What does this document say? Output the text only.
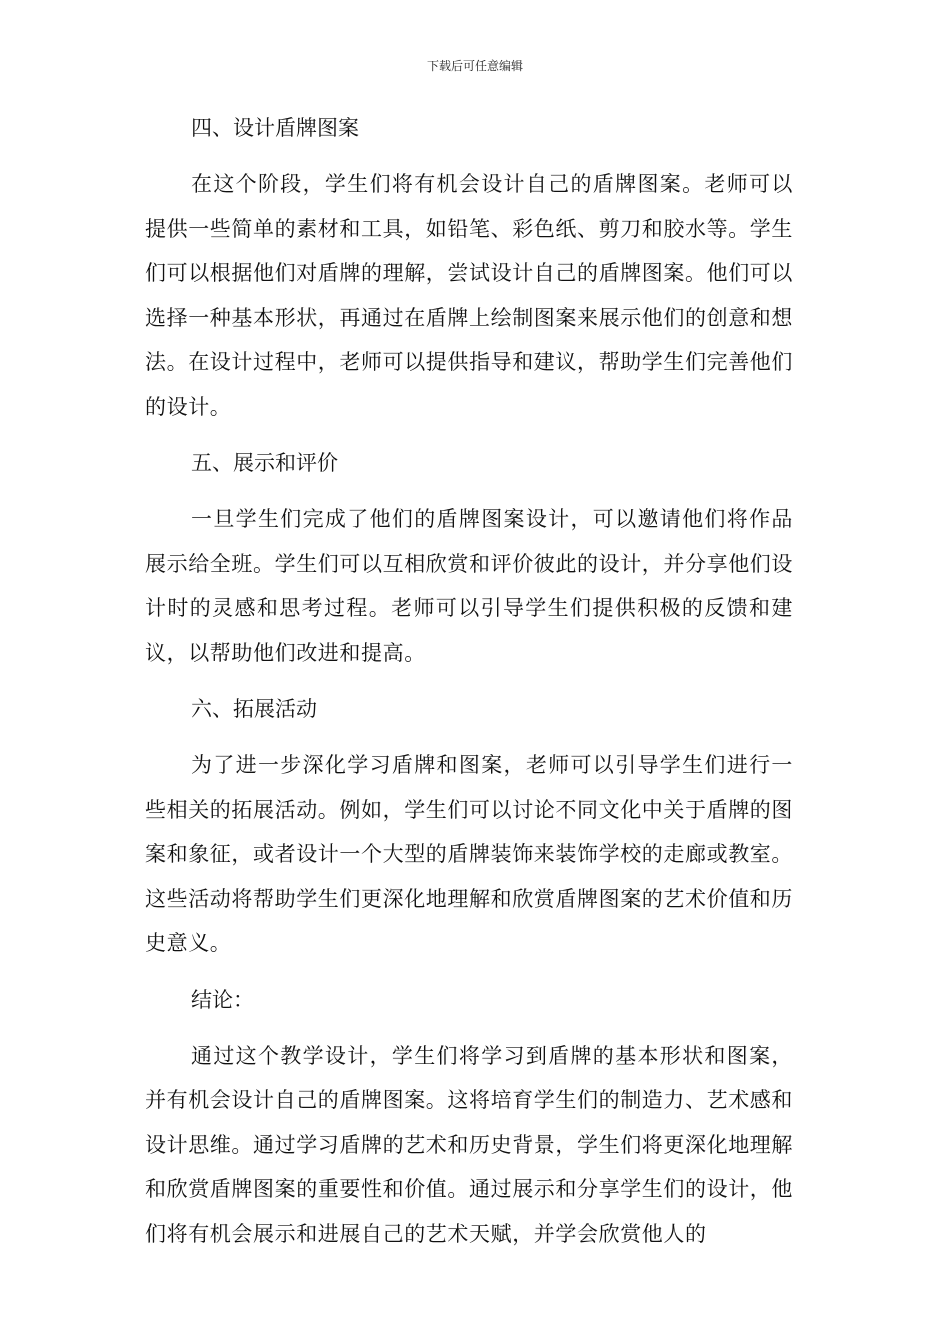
下载后可任意编辑
四、设计盾牌图案

在这个阶段，学生们将有机会设计自己的盾牌图案。老师可以提供一些简单的素材和工具，如铅笔、彩色纸、剪刀和胶水等。学生们可以根据他们对盾牌的理解，尝试设计自己的盾牌图案。他们可以选择一种基本形状，再通过在盾牌上绘制图案来展示他们的创意和想法。在设计过程中，老师可以提供指导和建议，帮助学生们完善他们的设计。

五、展示和评价

一旦学生们完成了他们的盾牌图案设计，可以邀请他们将作品展示给全班。学生们可以互相欣赏和评价彼此的设计，并分享他们设计时的灵感和思考过程。老师可以引导学生们提供积极的反馈和建议，以帮助他们改进和提高。

六、拓展活动

为了进一步深化学习盾牌和图案，老师可以引导学生们进行一些相关的拓展活动。例如，学生们可以讨论不同文化中关于盾牌的图案和象征，或者设计一个大型的盾牌装饰来装饰学校的走廊或教室。这些活动将帮助学生们更深化地理解和欣赏盾牌图案的艺术价值和历史意义。

结论：

通过这个教学设计，学生们将学习到盾牌的基本形状和图案，并有机会设计自己的盾牌图案。这将培育学生们的制造力、艺术感和设计思维。通过学习盾牌的艺术和历史背景，学生们将更深化地理解和欣赏盾牌图案的重要性和价值。通过展示和分享学生们的设计，他们将有机会展示和进展自己的艺术天赋，并学会欣赏他人的
